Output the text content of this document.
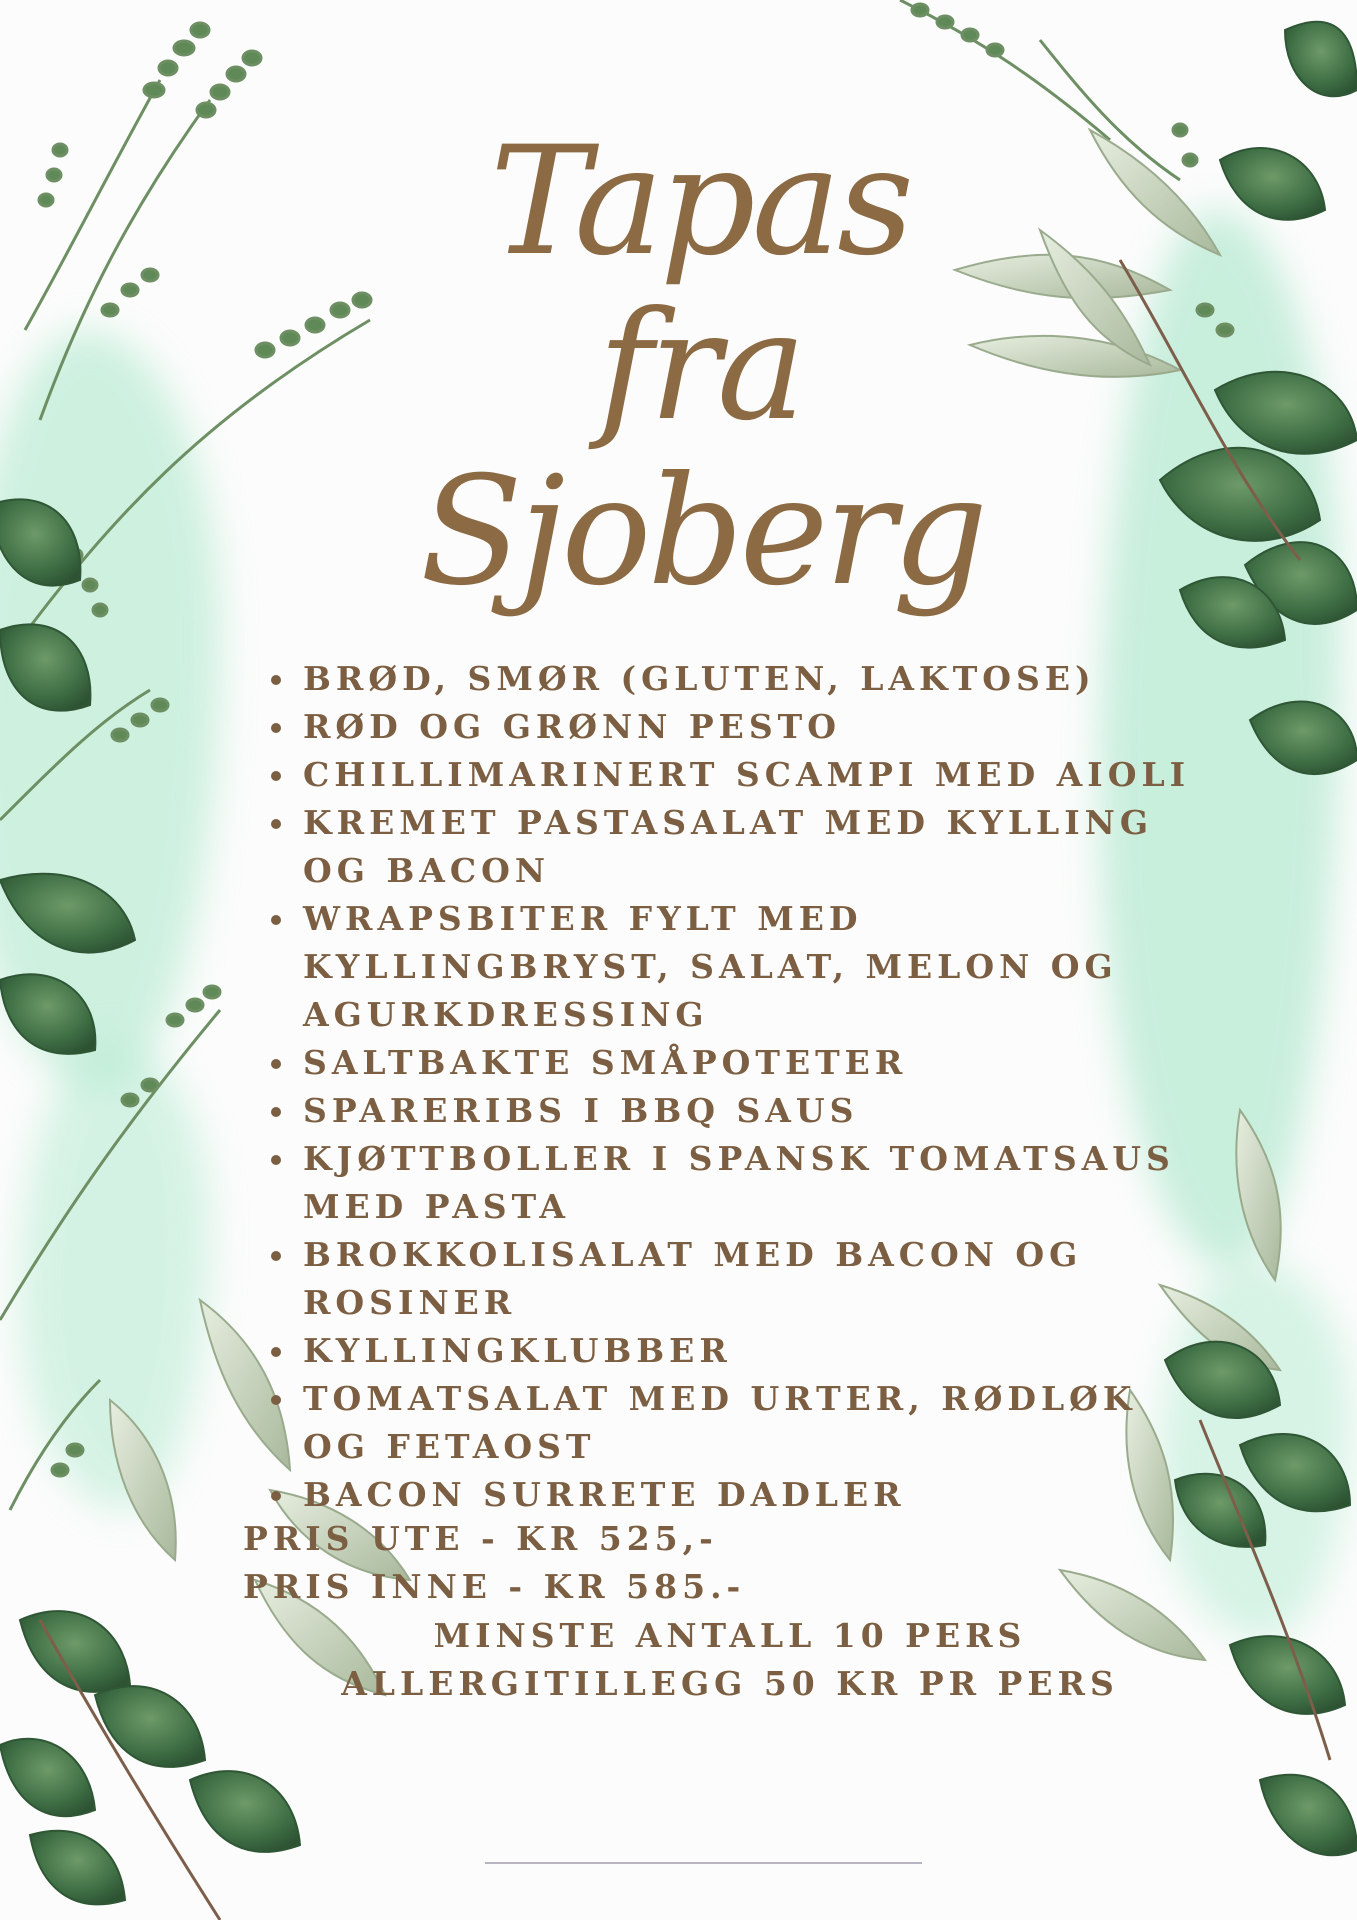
Tapas fra
Sjoberg
BRØD, SMØR (GLUTEN, LAKTOSE)
RØD OG GRØNN PESTO
CHILLIMARINERT SCAMPI MED AIOLI
KREMET PASTASALAT MED KYLLING OG BACON
WRAPSBITER FYLT MED KYLLINGBRYST, SALAT, MELON OG AGURKDRESSING
SALTBAKTE SMÅPOTETER
SPARERIBS I BBQ SAUS
KJØTTBOLLER I SPANSK TOMATSAUS MED PASTA
BROKKOLISALAT MED BACON OG ROSINER
KYLLINGKLUBBER
TOMATSALAT MED URTER, RØDLØK OG FETAOST
BACON SURRETE DADLER
PRIS UTE - KR 525,-
PRIS INNE - KR 585.-
MINSTE ANTALL 10 PERS
ALLERGITILLEGG 50 KR PR PERS
